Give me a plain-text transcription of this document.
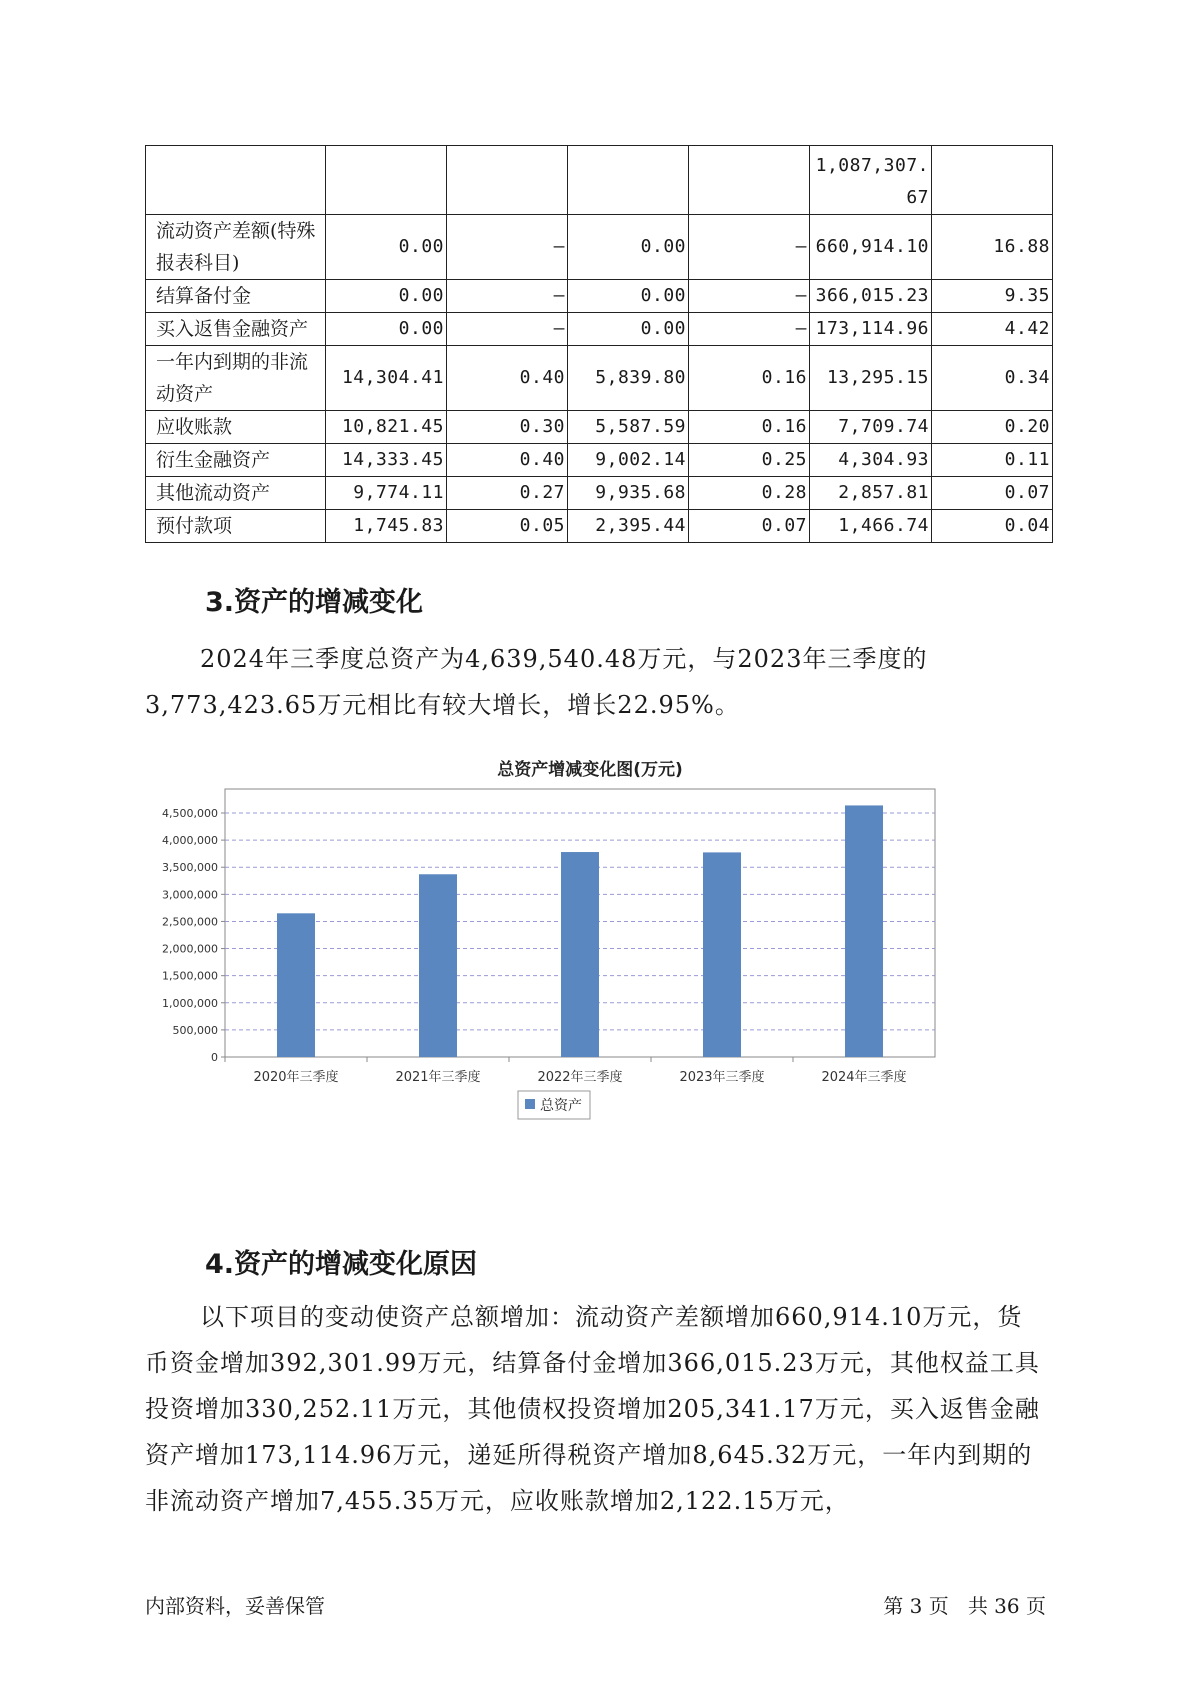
					1,087,307.67	
流动资产差额(特殊报表科目)	0.00	–	0.00	–	660,914.10	16.88
结算备付金	0.00	–	0.00	–	366,015.23	9.35
买入返售金融资产	0.00	–	0.00	–	173,114.96	4.42
一年内到期的非流动资产	14,304.41	0.40	5,839.80	0.16	13,295.15	0.34
应收账款	10,821.45	0.30	5,587.59	0.16	7,709.74	0.20
衍生金融资产	14,333.45	0.40	9,002.14	0.25	4,304.93	0.11
其他流动资产	9,774.11	0.27	9,935.68	0.28	2,857.81	0.07
预付款项	1,745.83	0.05	2,395.44	0.07	1,466.74	0.04
3.资产的增减变化

2024年三季度总资产为4,639,540.48万元，与2023年三季度的3,773,423.65万元相比有较大增长，增长22.95%。

总资产增减变化图(万元)
0
500,000
1,000,000
1,500,000
2,000,000
2,500,000
3,000,000
3,500,000
4,000,000
4,500,000
2020年三季度	2021年三季度	2022年三季度	2023年三季度	2024年三季度
总资产
4.资产的增减变化原因

以下项目的变动使资产总额增加：流动资产差额增加660,914.10万元，货币资金增加392,301.99万元，结算备付金增加366,015.23万元，其他权益工具投资增加330,252.11万元，其他债权投资增加205,341.17万元，买入返售金融资产增加173,114.96万元，递延所得税资产增加8,645.32万元，一年内到期的非流动资产增加7,455.35万元，应收账款增加2,122.15万元，

内部资料，妥善保管	第 3 页   共 36 页
